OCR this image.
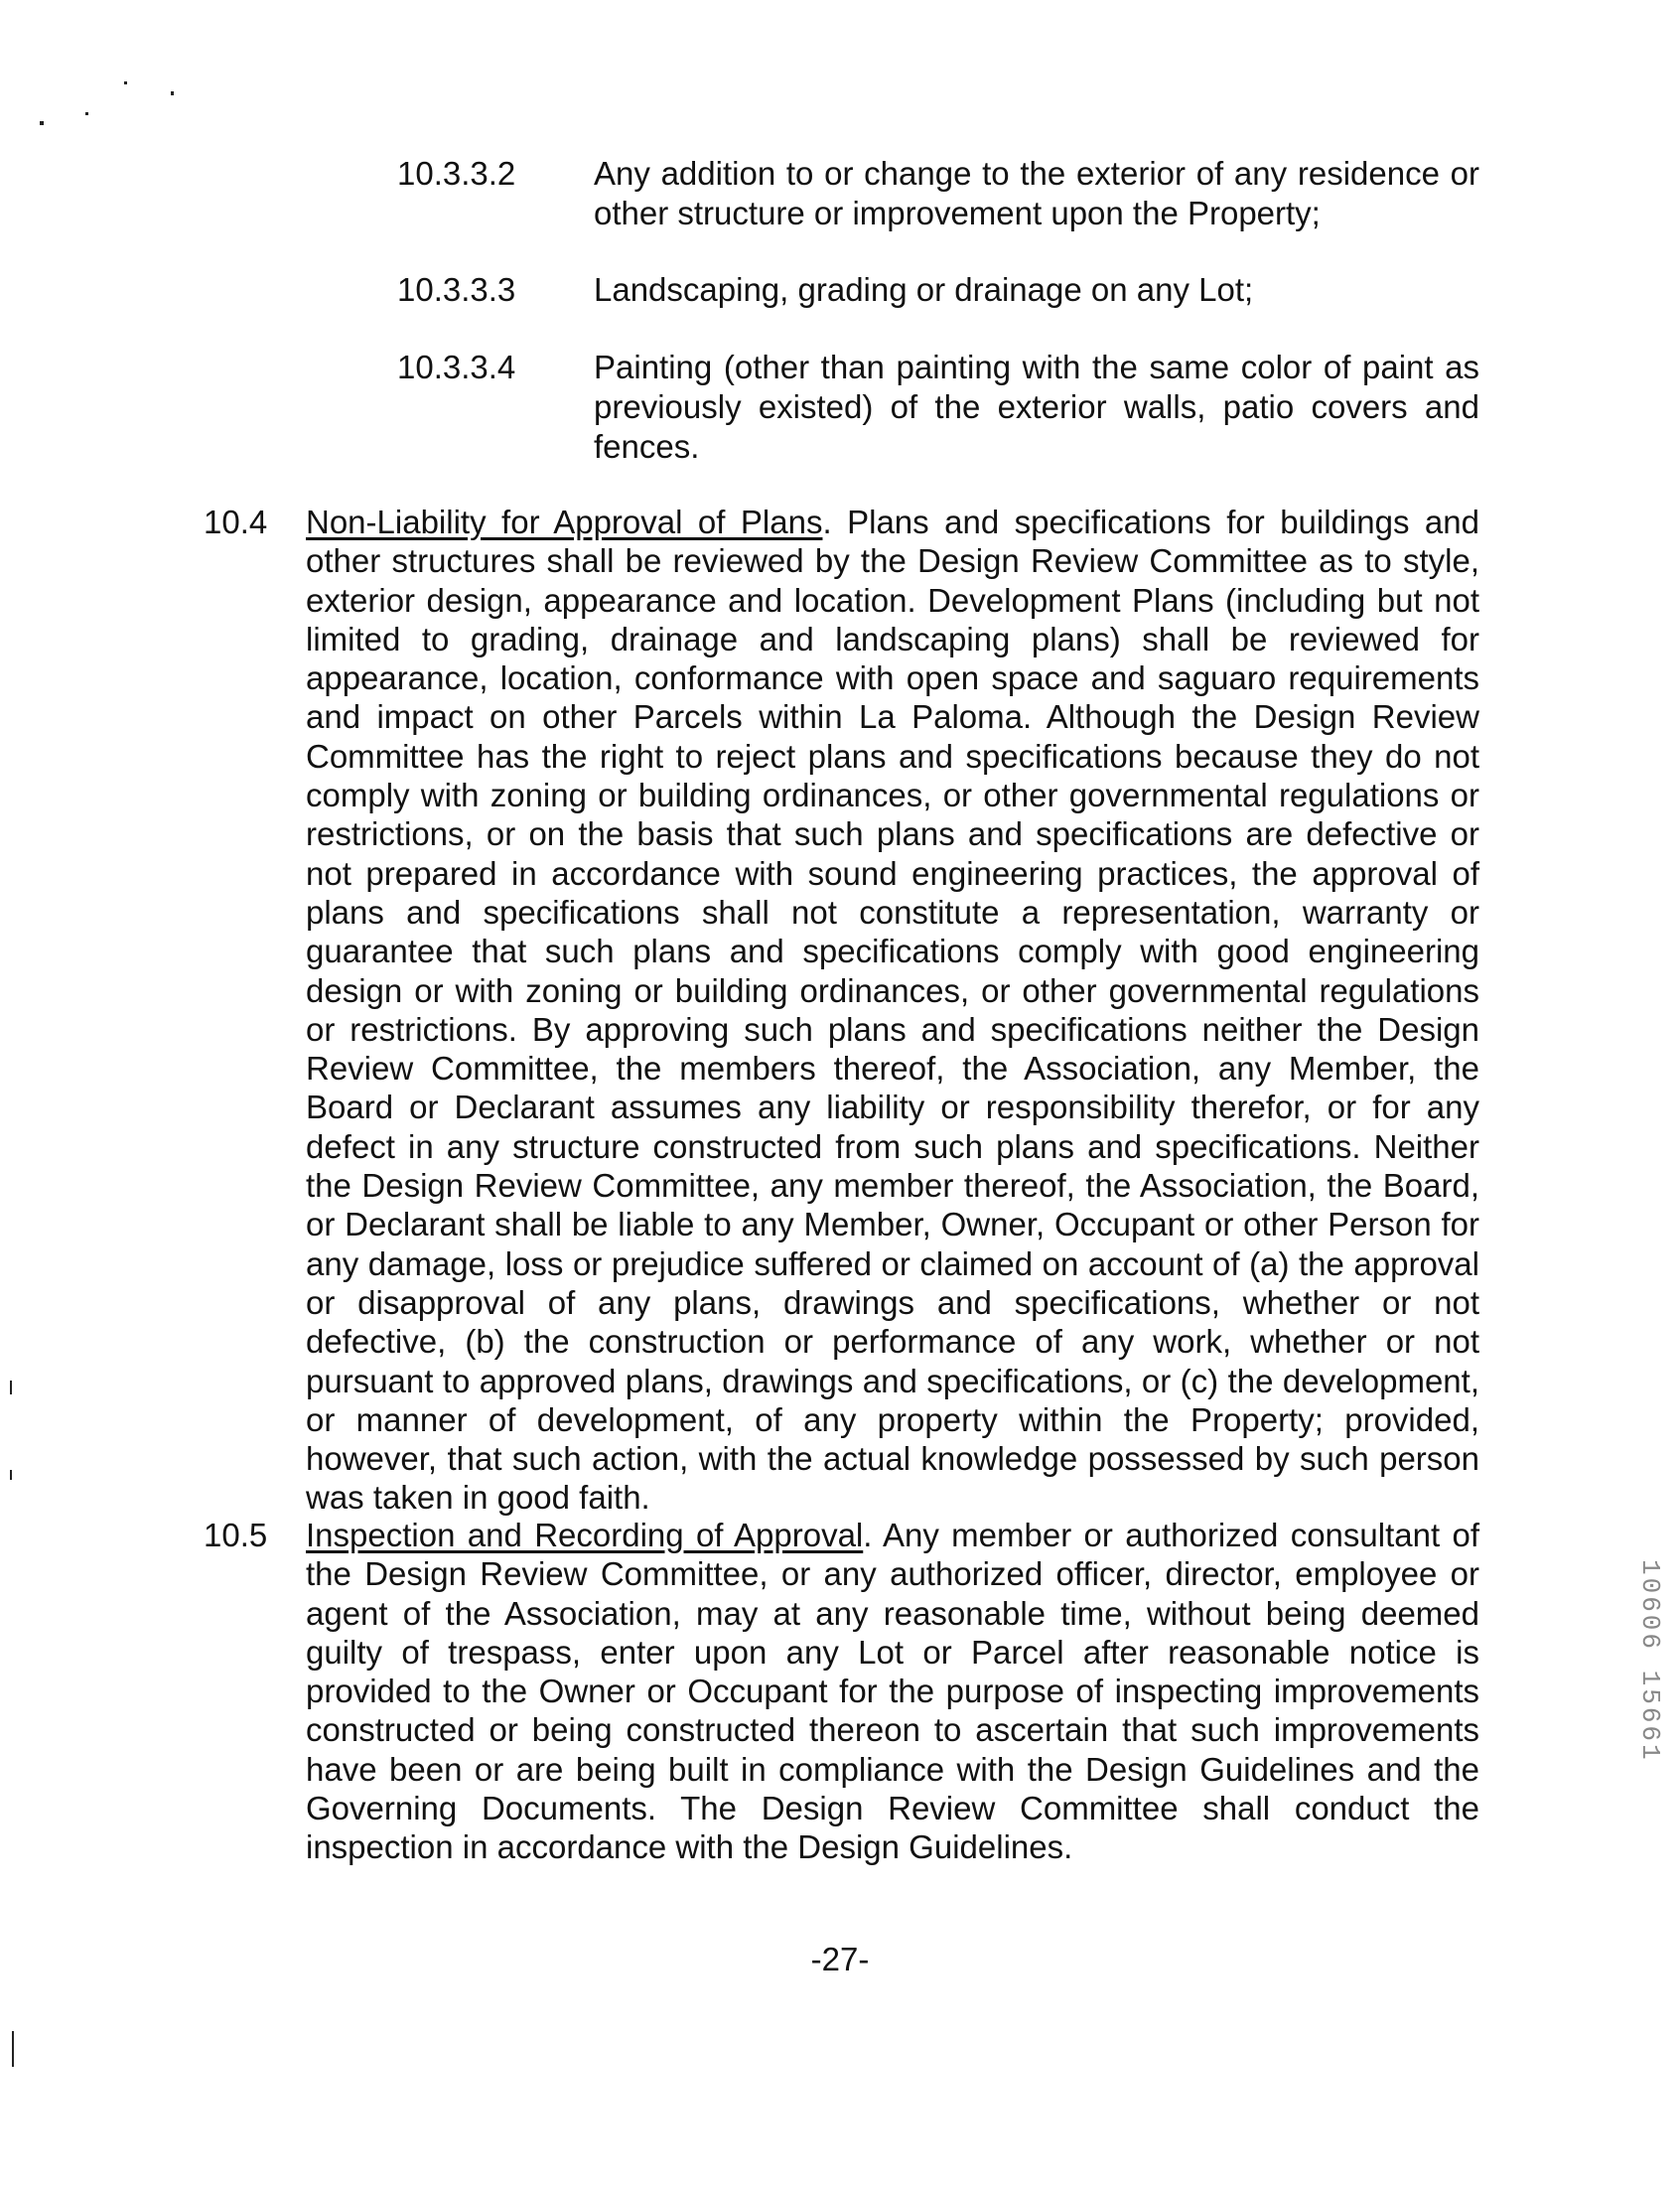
10.3.3.2 Any addition to or change to the exterior of any residence or other structure or improvement upon the Property;
10.3.3.3 Landscaping, grading or drainage on any Lot;
10.3.3.4 Painting (other than painting with the same color of paint as previously existed) of the exterior walls, patio covers and fences.
10.4 Non-Liability for Approval of Plans. Plans and specifications for buildings and other structures shall be reviewed by the Design Review Committee as to style, exterior design, appearance and location. Development Plans (including but not limited to grading, drainage and landscaping plans) shall be reviewed for appearance, location, conformance with open space and saguaro requirements and impact on other Parcels within La Paloma. Although the Design Review Committee has the right to reject plans and specifications because they do not comply with zoning or building ordinances, or other governmental regulations or restrictions, or on the basis that such plans and specifications are defective or not prepared in accordance with sound engineering practices, the approval of plans and specifications shall not constitute a representation, warranty or guarantee that such plans and specifications comply with good engineering design or with zoning or building ordinances, or other governmental regulations or restrictions. By approving such plans and specifications neither the Design Review Committee, the members thereof, the Association, any Member, the Board or Declarant assumes any liability or responsibility therefor, or for any defect in any structure constructed from such plans and specifications. Neither the Design Review Committee, any member thereof, the Association, the Board, or Declarant shall be liable to any Member, Owner, Occupant or other Person for any damage, loss or prejudice suffered or claimed on account of (a) the approval or disapproval of any plans, drawings and specifications, whether or not defective, (b) the construction or performance of any work, whether or not pursuant to approved plans, drawings and specifications, or (c) the development, or manner of development, of any property within the Property; provided, however, that such action, with the actual knowledge possessed by such person was taken in good faith.
10.5 Inspection and Recording of Approval. Any member or authorized consultant of the Design Review Committee, or any authorized officer, director, employee or agent of the Association, may at any reasonable time, without being deemed guilty of trespass, enter upon any Lot or Parcel after reasonable notice is provided to the Owner or Occupant for the purpose of inspecting improvements constructed or being constructed thereon to ascertain that such improvements have been or are being built in compliance with the Design Guidelines and the Governing Documents. The Design Review Committee shall conduct the inspection in accordance with the Design Guidelines.
-27-
10606 15661
